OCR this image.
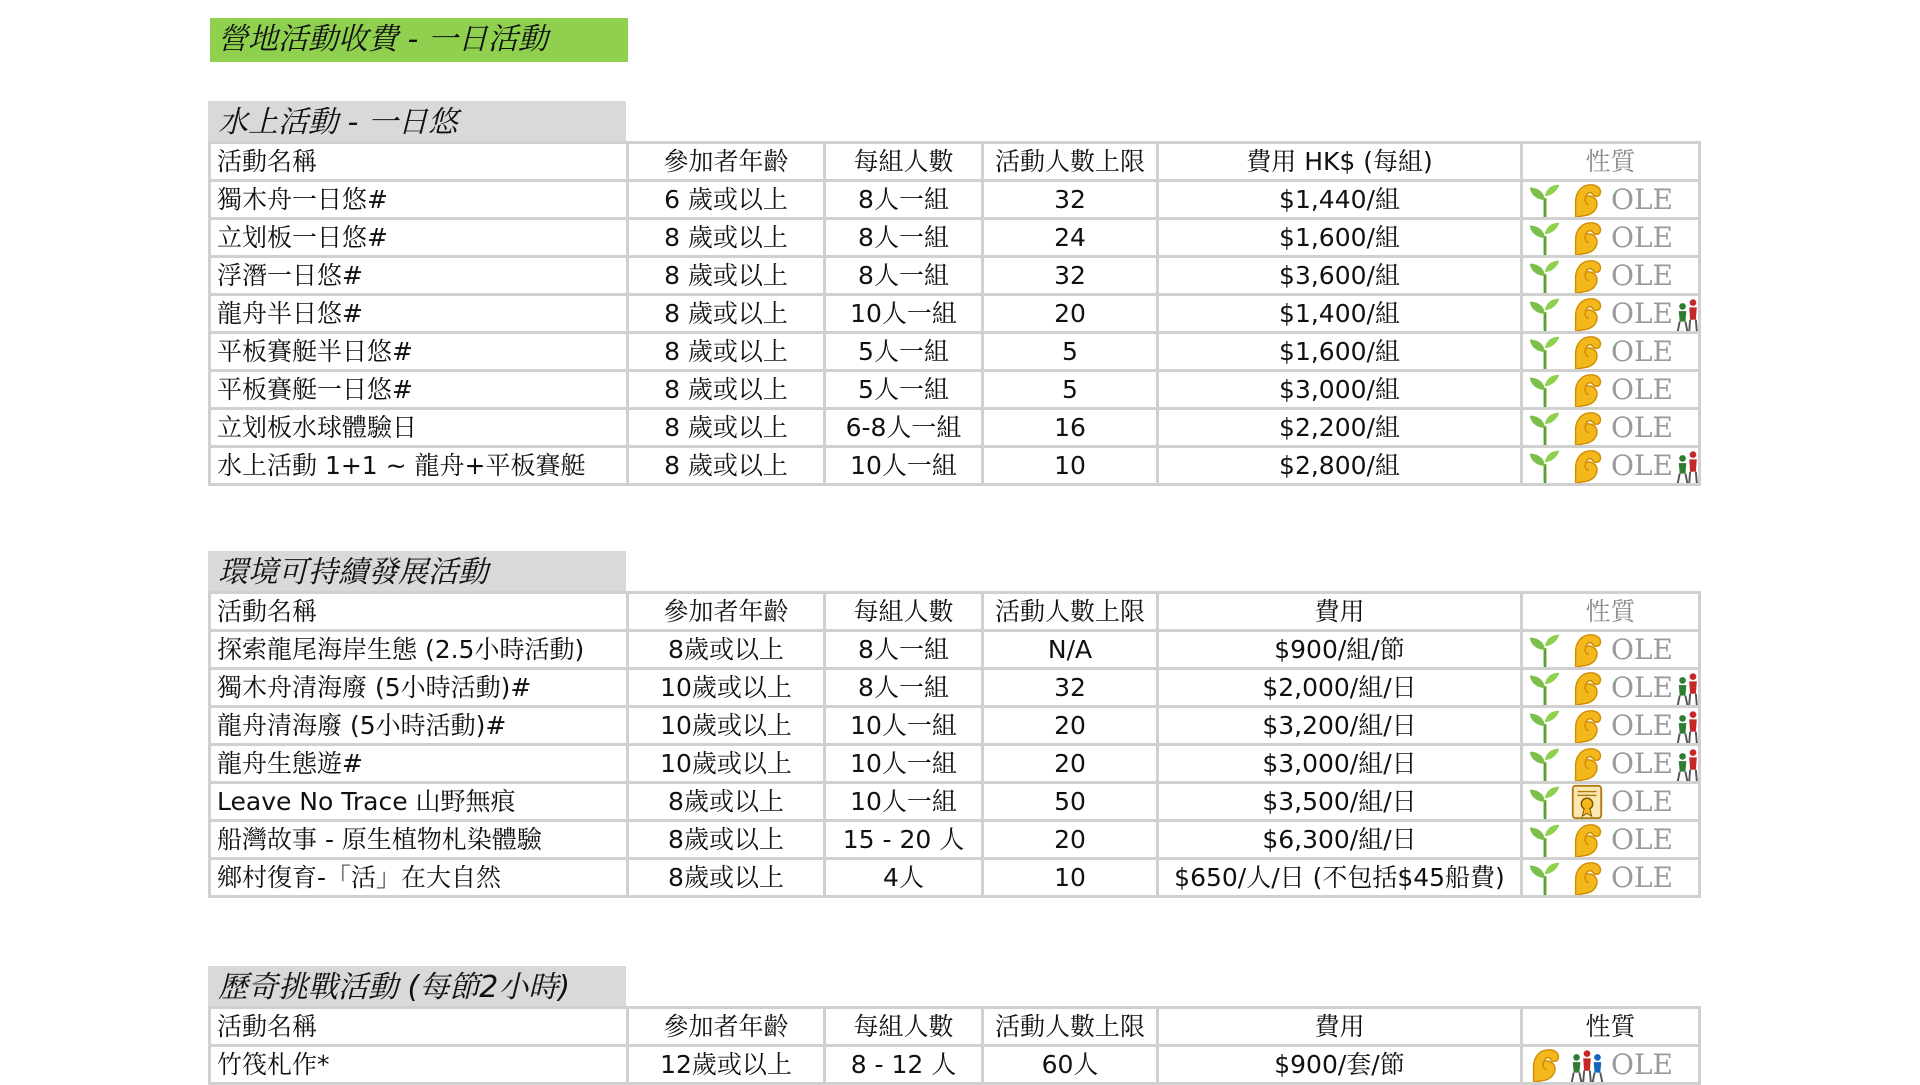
營地活動收費 - 一日活動
水上活動 - 一日悠
活動名稱	參加者年齡	每組人數	活動人數上限	費用 HK$ (每組)	性質
獨木舟一日悠#	6 歲或以上	8人一組	32	$1,440/組	OLE

立划板一日悠#	8 歲或以上	8人一組	24	$1,600/組	OLE

浮潛一日悠#	8 歲或以上	8人一組	32	$3,600/組	OLE

龍舟半日悠#	8 歲或以上	10人一組	20	$1,400/組	OLE

平板賽艇半日悠#	8 歲或以上	5人一組	5	$1,600/組	OLE

平板賽艇一日悠#	8 歲或以上	5人一組	5	$3,000/組	OLE

立划板水球體驗日	8 歲或以上	6-8人一組	16	$2,200/組	OLE

水上活動 1+1 ~ 龍舟+平板賽艇	8 歲或以上	10人一組	10	$2,800/組	OLE
環境可持續發展活動
活動名稱	參加者年齡	每組人數	活動人數上限	費用	性質
探索龍尾海岸生態 (2.5小時活動)	8歲或以上	8人一組	N/A	$900/組/節	OLE

獨木舟清海廢 (5小時活動)#	10歲或以上	8人一組	32	$2,000/組/日	OLE

龍舟清海廢 (5小時活動)#	10歲或以上	10人一組	20	$3,200/組/日	OLE

龍舟生態遊#	10歲或以上	10人一組	20	$3,000/組/日	OLE

Leave No Trace 山野無痕	8歲或以上	10人一組	50	$3,500/組/日	OLE

船灣故事 - 原生植物札染體驗	8歲或以上	15 - 20 人	20	$6,300/組/日	OLE

鄉村復育-「活」在大自然	8歲或以上	4人	10	$650/人/日 (不包括$45船費)	OLE
歷奇挑戰活動 (每節2小時)
活動名稱	參加者年齡	每組人數	活動人數上限	費用	性質
竹筏札作*	12歲或以上	8 - 12 人	60人	$900/套/節	OLE
